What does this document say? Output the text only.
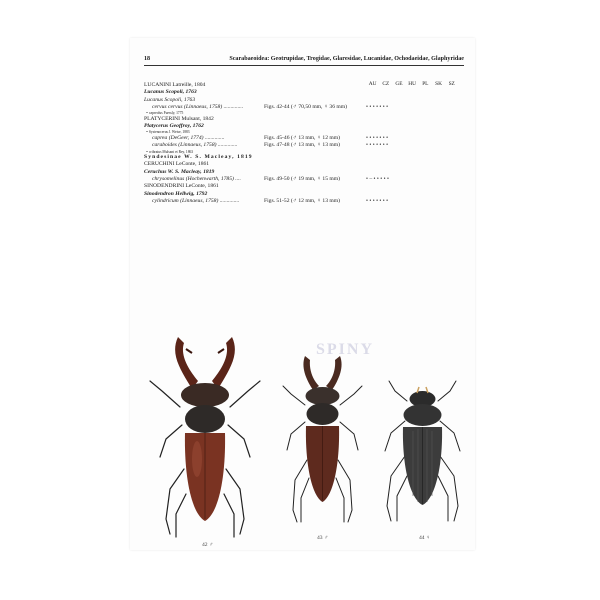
18	Scarabaeoidea: Geotrupidae, Trogidae, Glaresidae, Lucanidae, Ochodaeidae, Glaphyridae
AU CZ GE HU PL SK SZ
LUCANINI Latreille, 1804
Lucanus Scopoli, 1763
Lucanus Scopoli, 1763
cervus cervus (Linnaeus, 1758) ..............	Figs. 42-44 (♂ 70,50 mm, ♀ 36 mm)	• • • • • • •
= capreolus Fuessly, 1775
PLATYCERINI Mulsant, 1842
Platycerus Geoffroy, 1762
= Systenocerus J. Weise, 1883
caprea (DeGeer, 1774) ..............	Figs. 45-46 (♂ 13 mm, ♀ 12 mm)	• • • • • • •
caraboides (Linnaeus, 1758) ..............	Figs. 47-48 (♂ 13 mm, ♀ 13 mm)	• • • • • • •
= cribratus Mulsant et Rey, 1863
Syndesinae W. S. Macleay, 1819
CERUCHINI LeConte, 1861
Ceruchus W. S. Macleay, 1819
chrysomelinus (Hochenwarth, 1785) ....	Figs. 49-50 (♂ 19 mm, ♀ 15 mm)	• – • • • • •
SINODENDRINI LeConte, 1861
Sinodendron Hellwig, 1792
cylindricum (Linnaeus, 1758) ..............	Figs. 51-52 (♂ 12 mm, ♀ 13 mm)	• • • • • • •
SPINY
42 ♂
43 ♂	44 ♀
